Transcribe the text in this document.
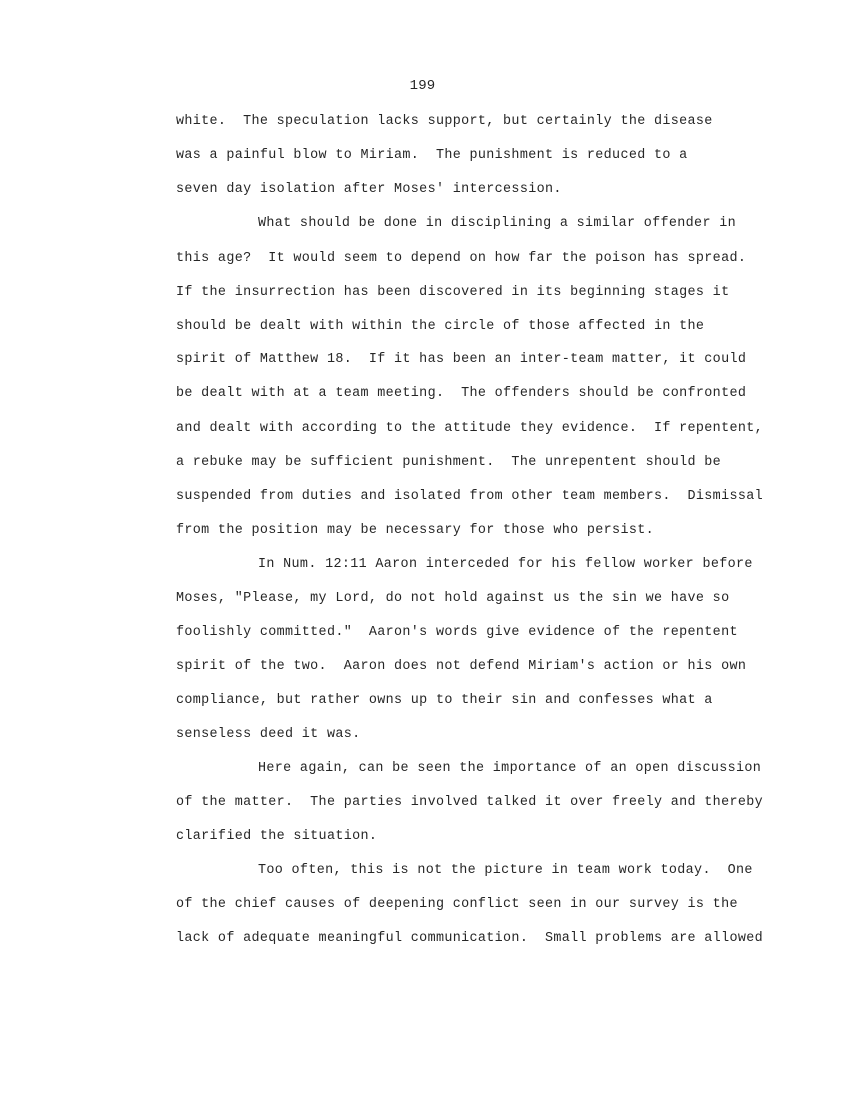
199
white.  The speculation lacks support, but certainly the disease
was a painful blow to Miriam.  The punishment is reduced to a
seven day isolation after Moses' intercession.
What should be done in disciplining a similar offender in
this age?  It would seem to depend on how far the poison has spread.
If the insurrection has been discovered in its beginning stages it
should be dealt with within the circle of those affected in the
spirit of Matthew 18.  If it has been an inter-team matter, it could
be dealt with at a team meeting.  The offenders should be confronted
and dealt with according to the attitude they evidence.  If repentent,
a rebuke may be sufficient punishment.  The unrepentent should be
suspended from duties and isolated from other team members.  Dismissal
from the position may be necessary for those who persist.
In Num. 12:11 Aaron interceded for his fellow worker before
Moses, "Please, my Lord, do not hold against us the sin we have so
foolishly committed."  Aaron's words give evidence of the repentent
spirit of the two.  Aaron does not defend Miriam's action or his own
compliance, but rather owns up to their sin and confesses what a
senseless deed it was.
Here again, can be seen the importance of an open discussion
of the matter.  The parties involved talked it over freely and thereby
clarified the situation.
Too often, this is not the picture in team work today.  One
of the chief causes of deepening conflict seen in our survey is the
lack of adequate meaningful communication.  Small problems are allowed
